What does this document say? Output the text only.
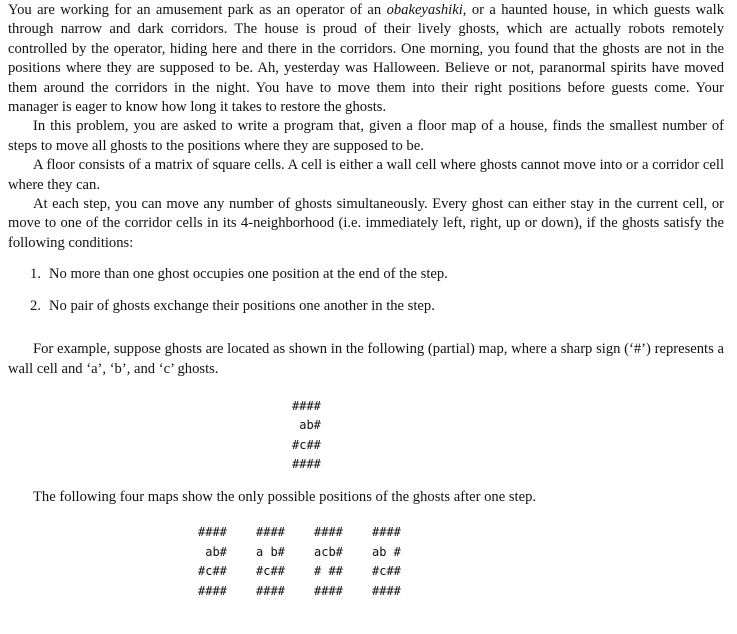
You are working for an amusement park as an operator of an obakeyashiki, or a haunted house, in which guests walk through narrow and dark corridors. The house is proud of their lively ghosts, which are actually robots remotely controlled by the operator, hiding here and there in the corridors. One morning, you found that the ghosts are not in the positions where they are supposed to be. Ah, yesterday was Halloween. Believe or not, paranormal spirits have moved them around the corridors in the night. You have to move them into their right positions before guests come. Your manager is eager to know how long it takes to restore the ghosts.

In this problem, you are asked to write a program that, given a floor map of a house, finds the smallest number of steps to move all ghosts to the positions where they are supposed to be.

A floor consists of a matrix of square cells. A cell is either a wall cell where ghosts cannot move into or a corridor cell where they can.

At each step, you can move any number of ghosts simultaneously. Every ghost can either stay in the current cell, or move to one of the corridor cells in its 4-neighborhood (i.e. immediately left, right, up or down), if the ghosts satisfy the following conditions:

1. No more than one ghost occupies one position at the end of the step.
2. No pair of ghosts exchange their positions one another in the step.

For example, suppose ghosts are located as shown in the following (partial) map, where a sharp sign (‘#’) represents a wall cell and ‘a’, ‘b’, and ‘c’ ghosts.

####
ab#
#c##
####

The following four maps show the only possible positions of the ghosts after one step.

####
ab#
#c##
####
####
a b#
#c##
####
####
acb#
# ##
####
####
ab #
#c##
####
